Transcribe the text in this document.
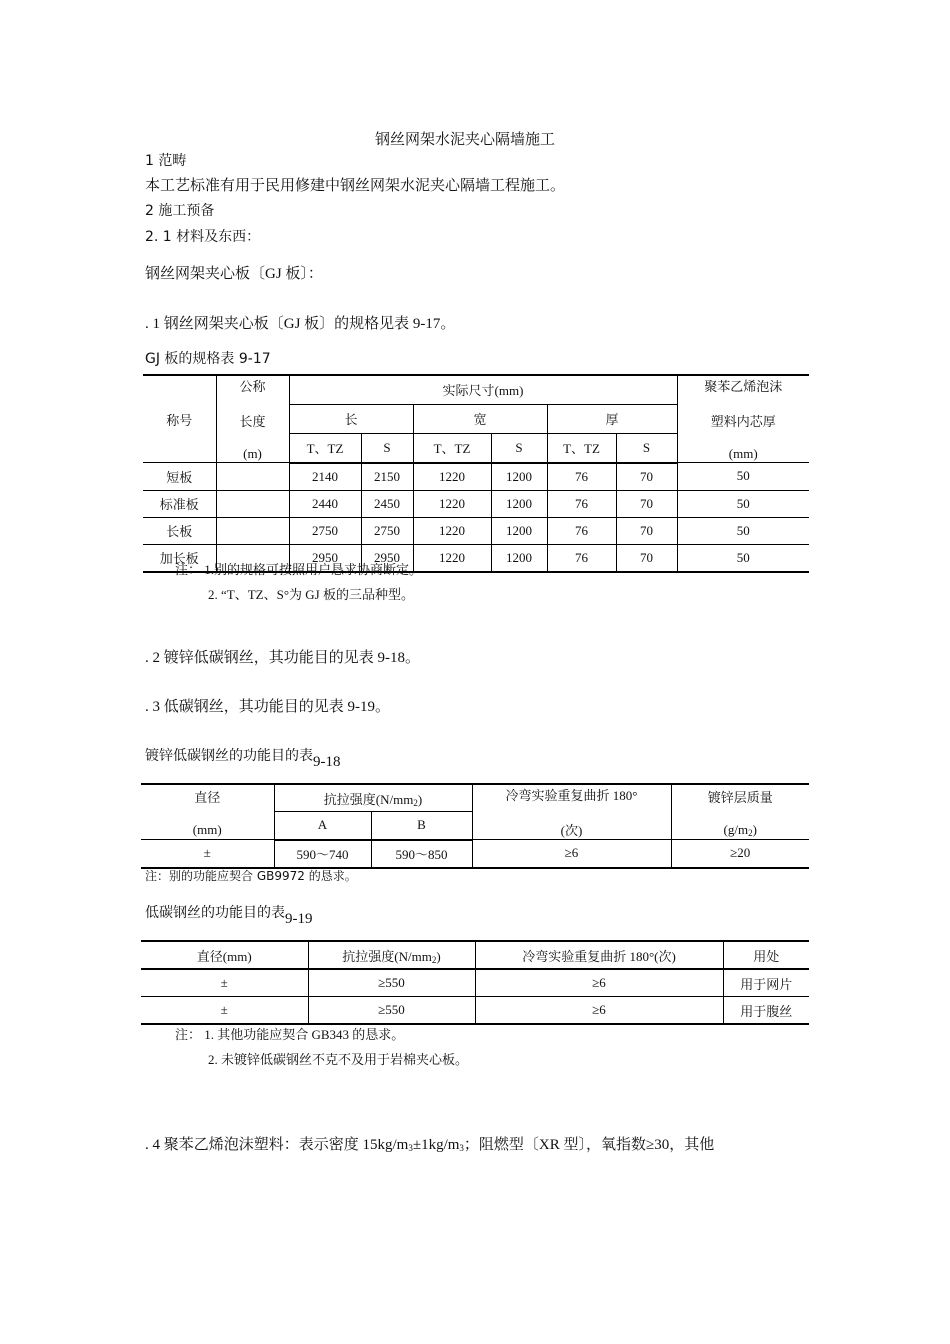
钢丝网架水泥夹心隔墙施工
1 范畴
本工艺标准有用于民用修建中钢丝网架水泥夹心隔墙工程施工。
2 施工预备
2. 1 材料及东西：
钢丝网架夹心板〔GJ 板〕：
. 1 钢丝网架夹心板〔GJ 板〕的规格见表 9-17。
GJ 板的规格表 9-17
称号	公称

长度

(m)	实际尺寸(mm)						聚苯乙烯泡沫

塑料内芯厚

(mm)
		长		宽		厚		
		T、TZ	S	T、TZ	S	T、TZ	S	
短板		2140	2150	1220	1200	76	70	50
标准板		2440	2450	1220	1200	76	70	50
长板		2750	2750	1220	1200	76	70	50
加长板		2950	2950	1220	1200	76	70	50
注： 1.别的规格可按照用户恳求协商断定。
2. “T、TZ、S°为 GJ 板的三品种型。
. 2 镀锌低碳钢丝，其功能目的见表 9-18。
. 3 低碳钢丝，其功能目的见表 9-19。
镀锌低碳钢丝的功能目的表9-18
直径

(mm)	抗拉强度$(N/mm_2)$		冷弯实验重复曲折 180°

(次)	镀锌层质量

$(g/m_2)$
	A	B		
±	590～740	590～850	≥6	≥20
注：别的功能应契合 GB9972 的恳求。
低碳钢丝的功能目的表9-19
直径(mm)	抗拉强度$(N/mm_2)$	冷弯实验重复曲折 180°(次)	用处
±	≥550	≥6	用于网片
±	≥550	≥6	用于腹丝
注： 1. 其他功能应契合 GB343 的恳求。
2. 未镀锌低碳钢丝不克不及用于岩棉夹心板。
. 4 聚苯乙烯泡沫塑料：表示密度 $15kg/m_3\pm 1kg/m_3$；阻燃型〔XR 型〕，氧指数≥30，其他
